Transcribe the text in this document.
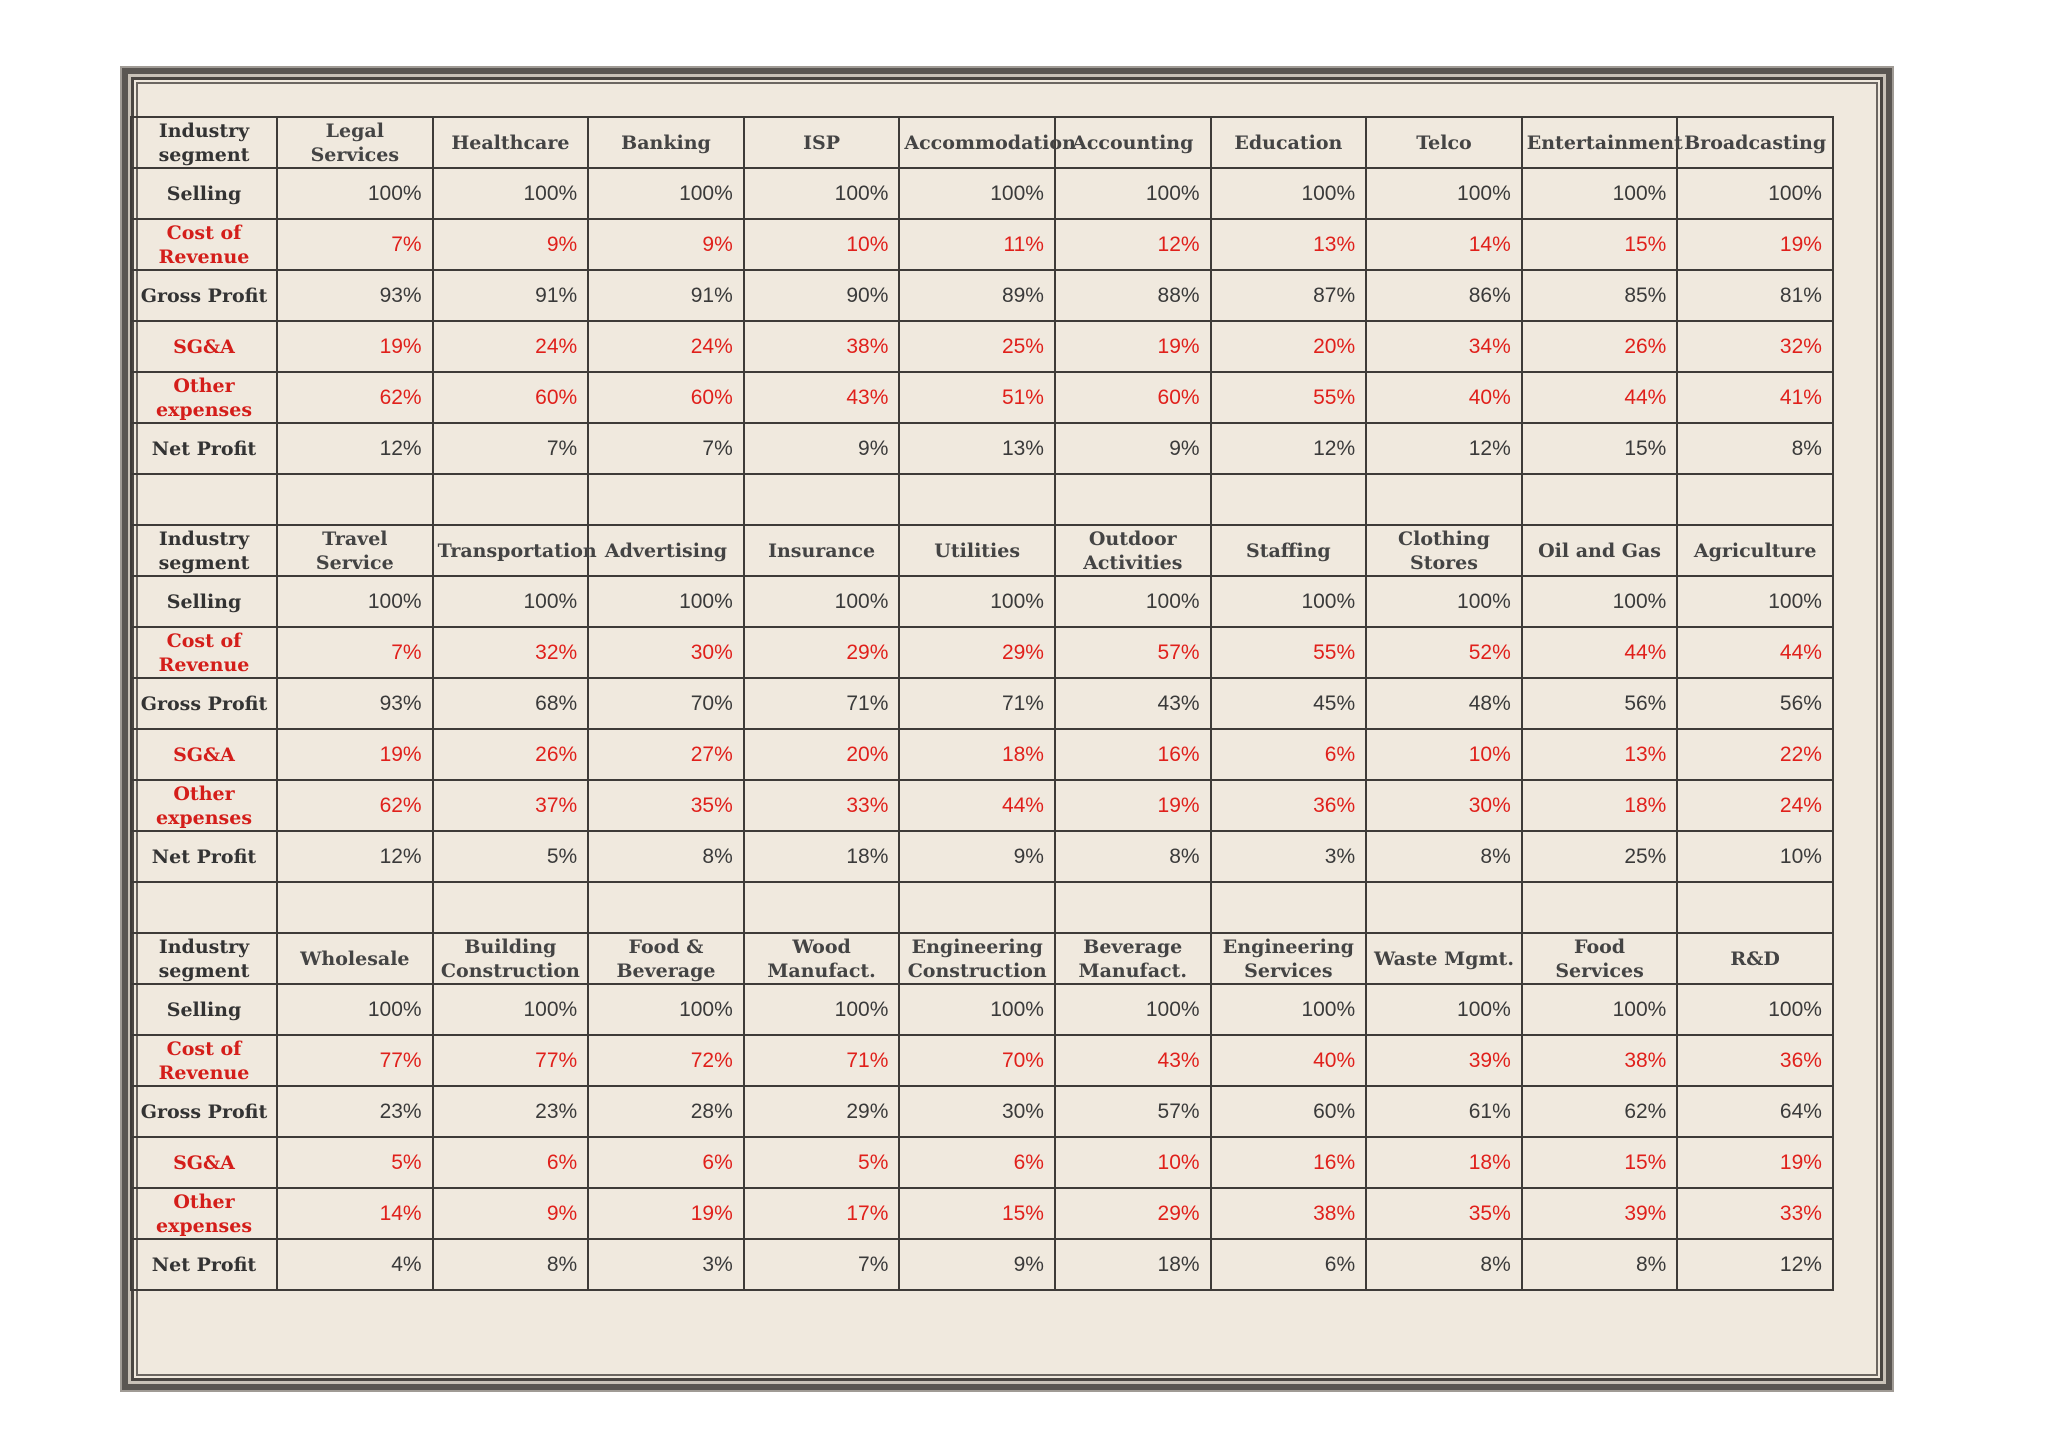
Industry segment	Legal Services	Healthcare	Banking	ISP	Accommodation	Accounting	Education	Telco	Entertainment	Broadcasting
Selling	100%	100%	100%	100%	100%	100%	100%	100%	100%	100%
Cost of Revenue	7%	9%	9%	10%	11%	12%	13%	14%	15%	19%
Gross Profit	93%	91%	91%	90%	89%	88%	87%	86%	85%	81%
SG&A	19%	24%	24%	38%	25%	19%	20%	34%	26%	32%
Other expenses	62%	60%	60%	43%	51%	60%	55%	40%	44%	41%
Net Profit	12%	7%	7%	9%	13%	9%	12%	12%	15%	8%

Industry segment	Travel Service	Transportation	Advertising	Insurance	Utilities	Outdoor Activities	Staffing	Clothing Stores	Oil and Gas	Agriculture
Selling	100%	100%	100%	100%	100%	100%	100%	100%	100%	100%
Cost of Revenue	7%	32%	30%	29%	29%	57%	55%	52%	44%	44%
Gross Profit	93%	68%	70%	71%	71%	43%	45%	48%	56%	56%
SG&A	19%	26%	27%	20%	18%	16%	6%	10%	13%	22%
Other expenses	62%	37%	35%	33%	44%	19%	36%	30%	18%	24%
Net Profit	12%	5%	8%	18%	9%	8%	3%	8%	25%	10%

Industry segment	Wholesale	Building Construction	Food & Beverage	Wood Manufact.	Engineering Construction	Beverage Manufact.	Engineering Services	Waste Mgmt.	Food Services	R&D
Selling	100%	100%	100%	100%	100%	100%	100%	100%	100%	100%
Cost of Revenue	77%	77%	72%	71%	70%	43%	40%	39%	38%	36%
Gross Profit	23%	23%	28%	29%	30%	57%	60%	61%	62%	64%
SG&A	5%	6%	6%	5%	6%	10%	16%	18%	15%	19%
Other expenses	14%	9%	19%	17%	15%	29%	38%	35%	39%	33%
Net Profit	4%	8%	3%	7%	9%	18%	6%	8%	8%	12%
